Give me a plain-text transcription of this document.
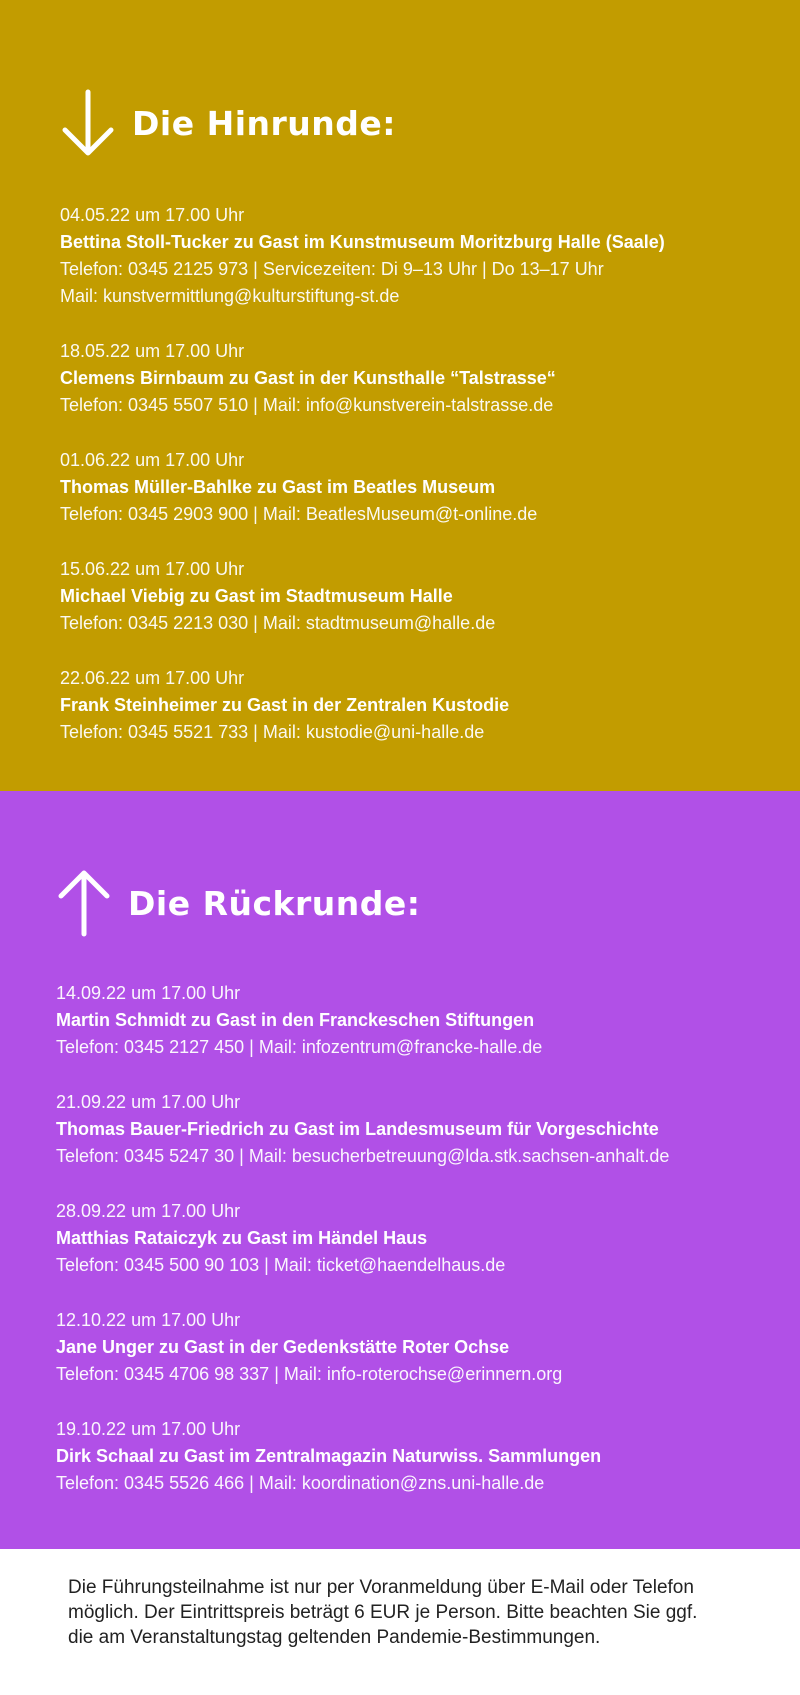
Die Hinrunde:
04.05.22 um 17.00 Uhr
Bettina Stoll-Tucker zu Gast im Kunstmuseum Moritzburg Halle (Saale)
Telefon: 0345 2125 973 | Servicezeiten: Di 9–13 Uhr | Do 13–17 Uhr
Mail: kunstvermittlung@kulturstiftung-st.de
18.05.22 um 17.00 Uhr
Clemens Birnbaum zu Gast in der Kunsthalle “Talstrasse“
Telefon: 0345 5507 510 | Mail: info@kunstverein-talstrasse.de
01.06.22 um 17.00 Uhr
Thomas Müller-Bahlke zu Gast im Beatles Museum
Telefon: 0345 2903 900 | Mail: BeatlesMuseum@t-online.de
15.06.22 um 17.00 Uhr
Michael Viebig zu Gast im Stadtmuseum Halle
Telefon: 0345 2213 030 | Mail: stadtmuseum@halle.de
22.06.22 um 17.00 Uhr
Frank Steinheimer zu Gast in der Zentralen Kustodie
Telefon: 0345 5521 733 | Mail: kustodie@uni-halle.de
Die Rückrunde:
14.09.22 um 17.00 Uhr
Martin Schmidt zu Gast in den Franckeschen Stiftungen
Telefon: 0345 2127 450 | Mail: infozentrum@francke-halle.de
21.09.22 um 17.00 Uhr
Thomas Bauer-Friedrich zu Gast im Landesmuseum für Vorgeschichte
Telefon: 0345 5247 30 | Mail: besucherbetreuung@lda.stk.sachsen-anhalt.de
28.09.22 um 17.00 Uhr
Matthias Rataiczyk zu Gast im Händel Haus
Telefon: 0345 500 90 103 | Mail: ticket@haendelhaus.de
12.10.22 um 17.00 Uhr
Jane Unger zu Gast in der Gedenkstätte Roter Ochse
Telefon: 0345 4706 98 337 | Mail: info-roterochse@erinnern.org
19.10.22 um 17.00 Uhr
Dirk Schaal zu Gast im Zentralmagazin Naturwiss. Sammlungen
Telefon: 0345 5526 466 | Mail: koordination@zns.uni-halle.de
Die Führungsteilnahme ist nur per Voranmeldung über E-Mail oder Telefon
möglich. Der Eintrittspreis beträgt 6 EUR je Person. Bitte beachten Sie ggf.
die am Veranstaltungstag geltenden Pandemie-Bestimmungen.
